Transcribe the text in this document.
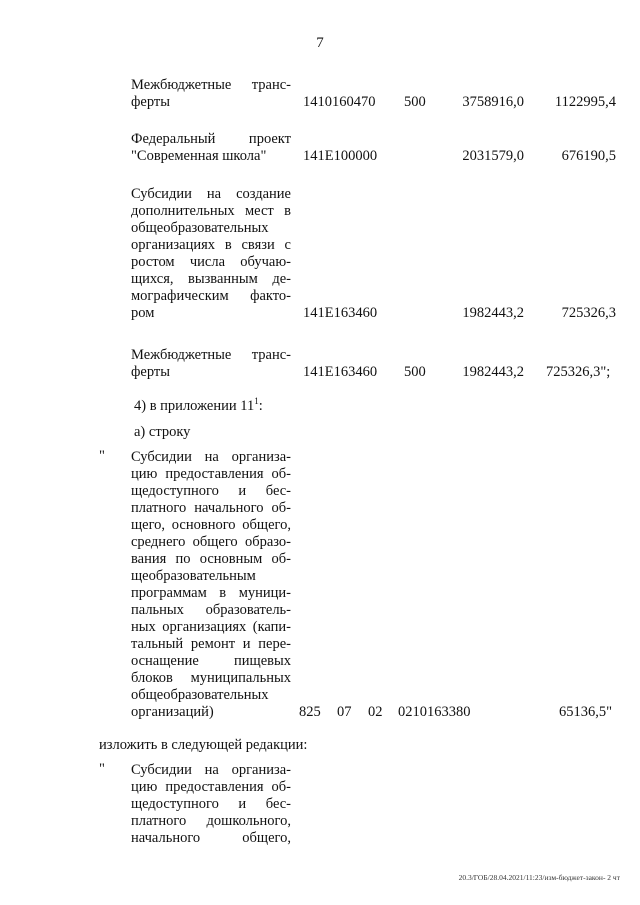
7
Межбюджетные транс-
ферты	1410160470 500	3758916,0	1122995,4
Федеральный проект
"Современная школа"	141E100000	2031579,0	676190,5
Субсидии на создание
дополнительных мест в
общеобразовательных
организациях в связи с
ростом числа обучаю-
щихся, вызванным де-
мографическим факто-
ром	141E163460	1982443,2	725326,3
Межбюджетные транс-
ферты	141E163460 500	1982443,2 725326,3";
4) в приложении $11^1$:
а) строку
" Субсидии на организа-
цию предоставления об-
щедоступного и бес-
платного начального об-
щего, основного общего,
среднего общего образо-
вания по основным об-
щеобразовательным
программам в муници-
пальных образователь-
ных организациях (капи-
тальный ремонт и пере-
оснащение пищевых
блоков муниципальных
общеобразовательных
организаций)	825 07 02 0210163380	65136,5"
изложить в следующей редакции:
" Субсидии на организа-
цию предоставления об-
щедоступного и бес-
платного дошкольного,
начального общего,
20.3/ГОБ/28.04.2021/11:23/изм-бюджет-закон- 2 чт
